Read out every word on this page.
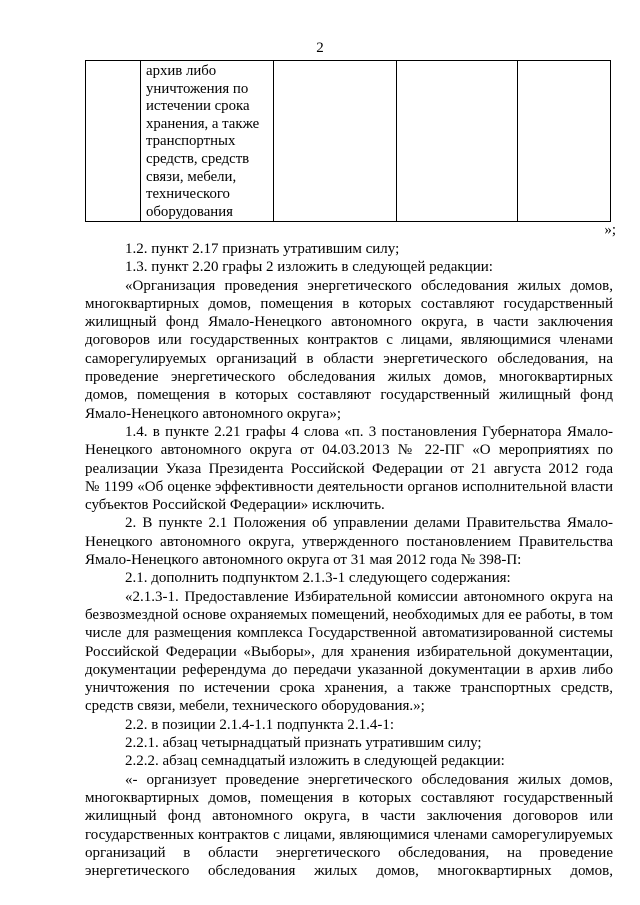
2

архив либо
уничтожения по
истечении срока
хранения, а также
транспортных
средств, средств
связи, мебели,
технического
оборудования

»;

1.2. пункт 2.17 признать утратившим силу;

1.3. пункт 2.20 графы 2 изложить в следующей редакции:

«Организация проведения энергетического обследования жилых домов,

многоквартирных домов, помещения в которых составляют государственный

жилищный фонд Ямало-Ненецкого автономного округа, в части заключения

договоров или государственных контрактов с лицами, являющимися членами

саморегулируемых организаций в области энергетического обследования, на

проведение энергетического обследования жилых домов, многоквартирных

домов, помещения в которых составляют государственный жилищный фонд

Ямало-Ненецкого автономного округа»;

1.4. в пункте 2.21 графы 4 слова «п. 3 постановления Губернатора Ямало-

Ненецкого автономного округа от 04.03.2013 № 22-ПГ «О мероприятиях по

реализации Указа Президента Российской Федерации от 21 августа 2012 года

№ 1199 «Об оценке эффективности деятельности органов исполнительной власти

субъектов Российской Федерации» исключить.

2. В пункте 2.1 Положения об управлении делами Правительства Ямало-

Ненецкого автономного округа, утвержденного постановлением Правительства

Ямало-Ненецкого автономного округа от 31 мая 2012 года № 398-П:

2.1. дополнить подпунктом 2.1.3-1 следующего содержания:

«2.1.3-1. Предоставление Избирательной комиссии автономного округа на

безвозмездной основе охраняемых помещений, необходимых для ее работы, в том

числе для размещения комплекса Государственной автоматизированной системы

Российской Федерации «Выборы», для хранения избирательной документации,

документации референдума до передачи указанной документации в архив либо

уничтожения по истечении срока хранения, а также транспортных средств,

средств связи, мебели, технического оборудования.»;

2.2. в позиции 2.1.4-1.1 подпункта 2.1.4-1:

2.2.1. абзац четырнадцатый признать утратившим силу;

2.2.2. абзац семнадцатый изложить в следующей редакции:

«- организует проведение энергетического обследования жилых домов,

многоквартирных домов, помещения в которых составляют государственный

жилищный фонд автономного округа, в части заключения договоров или

государственных контрактов с лицами, являющимися членами саморегулируемых

организаций в области энергетического обследования, на проведение

энергетического обследования жилых домов, многоквартирных домов,
